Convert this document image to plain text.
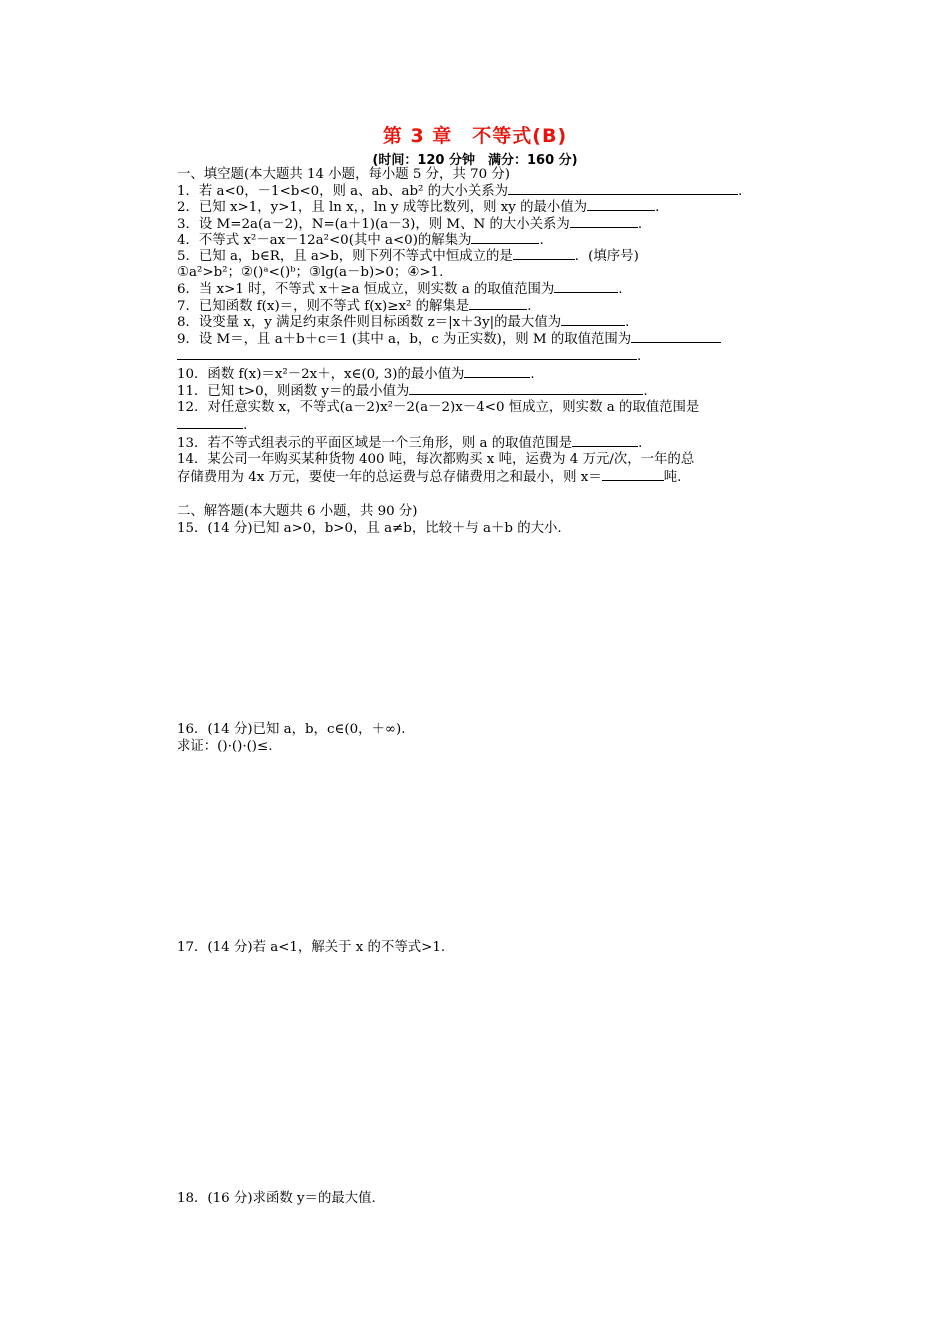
第 3 章　不等式(B)
(时间：120 分钟　满分：160 分)
一、填空题(本大题共 14 小题，每小题 5 分，共 70 分)
1．若 a<0，－1<b<0，则 a、ab、ab² 的大小关系为	.
2．已知 x>1，y>1，且 ln x，，ln y 成等比数列，则 xy 的最小值为	.
3．设 M=2a(a－2)，N=(a＋1)(a－3)，则 M、N 的大小关系为	.
4．不等式 x²－ax－12a²<0(其中 a<0)的解集为	.
5．已知 a，b∈R，且 a>b，则下列不等式中恒成立的是	．(填序号)
①a²>b²；②()ᵃ<()ᵇ；③lg(a－b)>0；④>1.
6．当 x>1 时，不等式 x＋≥a 恒成立，则实数 a 的取值范围为	.
7．已知函数 f(x)＝，则不等式 f(x)≥x² 的解集是	.
8．设变量 x，y 满足约束条件则目标函数 z＝|x＋3y|的最大值为	.
9．设 M＝，且 a＋b＋c＝1 (其中 a，b，c 为正实数)，则 M 的取值范围为
.
10．函数 f(x)＝x²－2x＋，x∈(0, 3)的最小值为	.
11．已知 t>0，则函数 y＝的最小值为	.
12．对任意实数 x，不等式(a－2)x²－2(a－2)x－4<0 恒成立，则实数 a 的取值范围是
.
13．若不等式组表示的平面区域是一个三角形，则 a 的取值范围是	.
14．某公司一年购买某种货物 400 吨，每次都购买 x 吨，运费为 4 万元/次，一年的总
存储费用为 4x 万元，要使一年的总运费与总存储费用之和最小，则 x＝	吨.
二、解答题(本大题共 6 小题，共 90 分)
15．(14 分)已知 a>0，b>0，且 a≠b，比较＋与 a＋b 的大小.
16．(14 分)已知 a，b，c∈(0，＋∞).
求证：()·()·()≤.
17．(14 分)若 a<1，解关于 x 的不等式>1.
18．(16 分)求函数 y＝的最大值.
